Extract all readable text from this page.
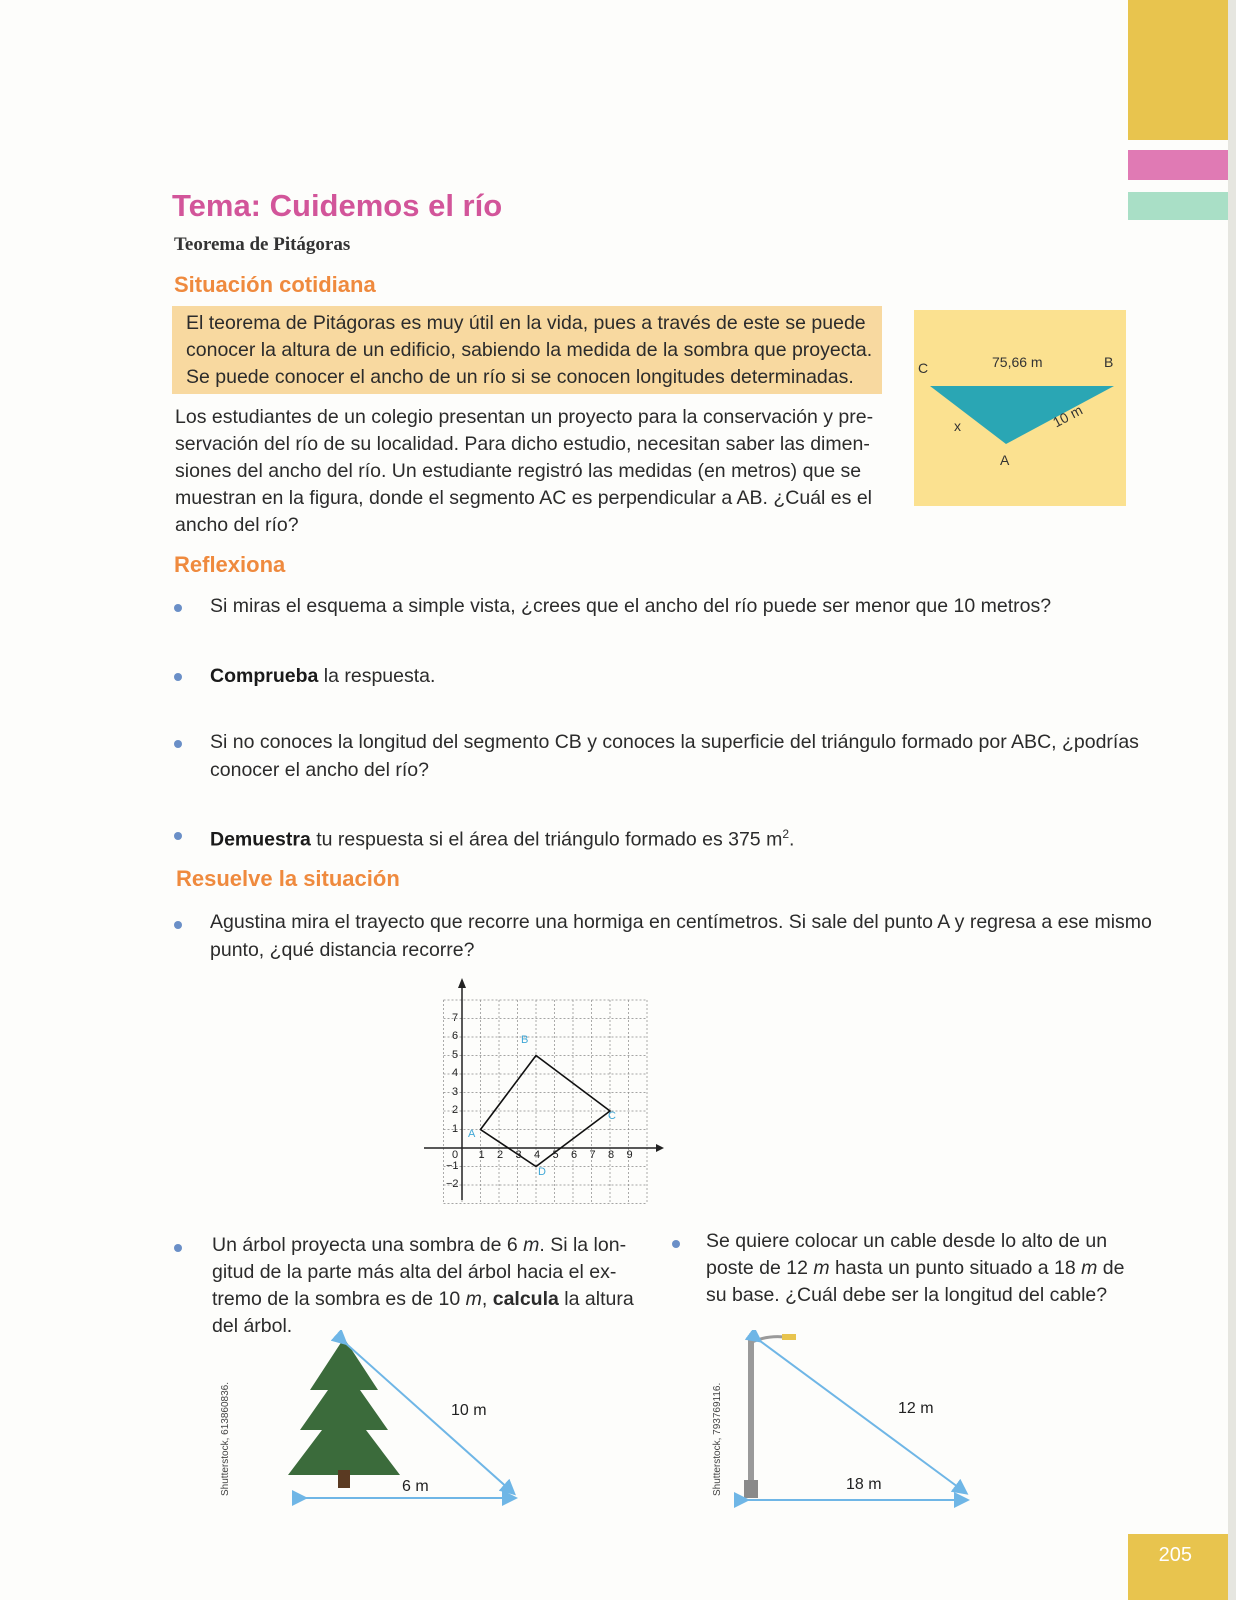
Tema: Cuidemos el río
Teorema de Pitágoras
Situación cotidiana
El teorema de Pitágoras es muy útil en la vida, pues a través de este se puede
conocer la altura de un edificio, sabiendo la medida de la sombra que proyecta.
Se puede conocer el ancho de un río si se conocen longitudes determinadas.
Los estudiantes de un colegio presentan un proyecto para la conservación y pre-
servación del río de su localidad. Para dicho estudio, necesitan saber las dimen-
siones del ancho del río. Un estudiante registró las medidas (en metros) que se
muestran en la figura, donde el segmento AC es perpendicular a AB. ¿Cuál es el
ancho del río?
C	B
A
x
75,66 m
10 m
Reflexiona
Si miras el esquema a simple vista, ¿crees que el ancho del río puede ser menor que 10 metros?
Comprueba la respuesta.
Si no conoces la longitud del segmento CB y conoces la superficie del triángulo formado por ABC, ¿podrías
conocer el ancho del río?
Demuestra tu respuesta si el área del triángulo formado es 375 $m^2$.
Resuelve la situación
Agustina mira el trayecto que recorre una hormiga en centímetros. Si sale del punto A y regresa a ese mismo
punto, ¿qué distancia recorre?
0 1 2 3 4 5 6 7 8 9
7
6
5
4
3
2
1
−1
−2
A
B
C
D
Un árbol proyecta una sombra de 6 m. Si la lon-
gitud de la parte más alta del árbol hacia el ex-
tremo de la sombra es de 10 m, calcula la altura
del árbol.
Se quiere colocar un cable desde lo alto de un
poste de 12 m hasta un punto situado a 18 m de
su base. ¿Cuál debe ser la longitud del cable?
10 m
6 m
Shutterstock, 613860836.	12 m
18 m
Shutterstock, 793769116.
205
